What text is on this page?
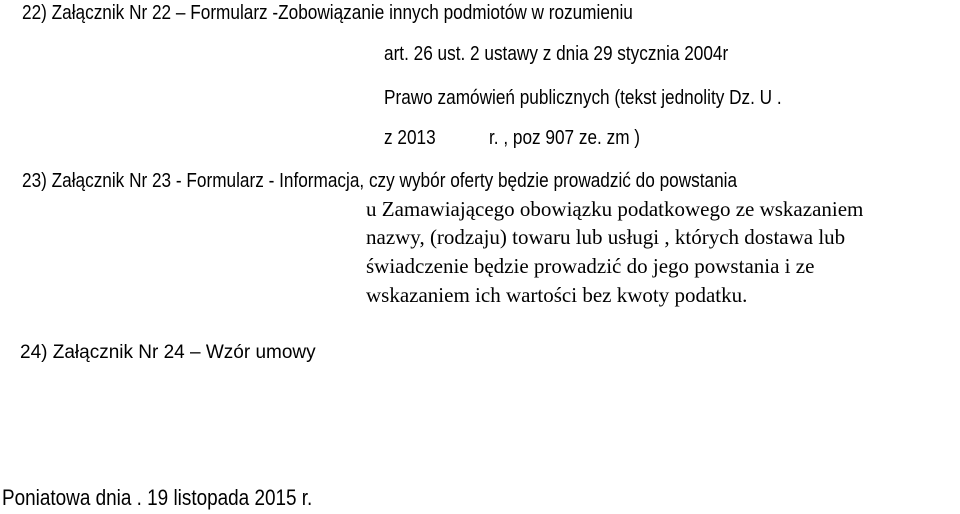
22) Załącznik Nr 22 – Formularz -Zobowiązanie innych podmiotów w rozumieniu
art. 26 ust. 2 ustawy z dnia 29 stycznia 2004r
Prawo zamówień publicznych (tekst jednolity Dz. U .
z 2013	r. , poz 907 ze. zm )
23) Załącznik Nr 23 - Formularz - Informacja, czy wybór oferty będzie prowadzić do powstania
u Zamawiającego obowiązku podatkowego ze wskazaniem
nazwy, (rodzaju) towaru lub usługi , których dostawa lub
świadczenie będzie prowadzić do jego powstania i ze
wskazaniem ich wartości bez kwoty podatku.
24) Załącznik Nr 24 – Wzór umowy
Poniatowa dnia . 19 listopada 2015 r.
